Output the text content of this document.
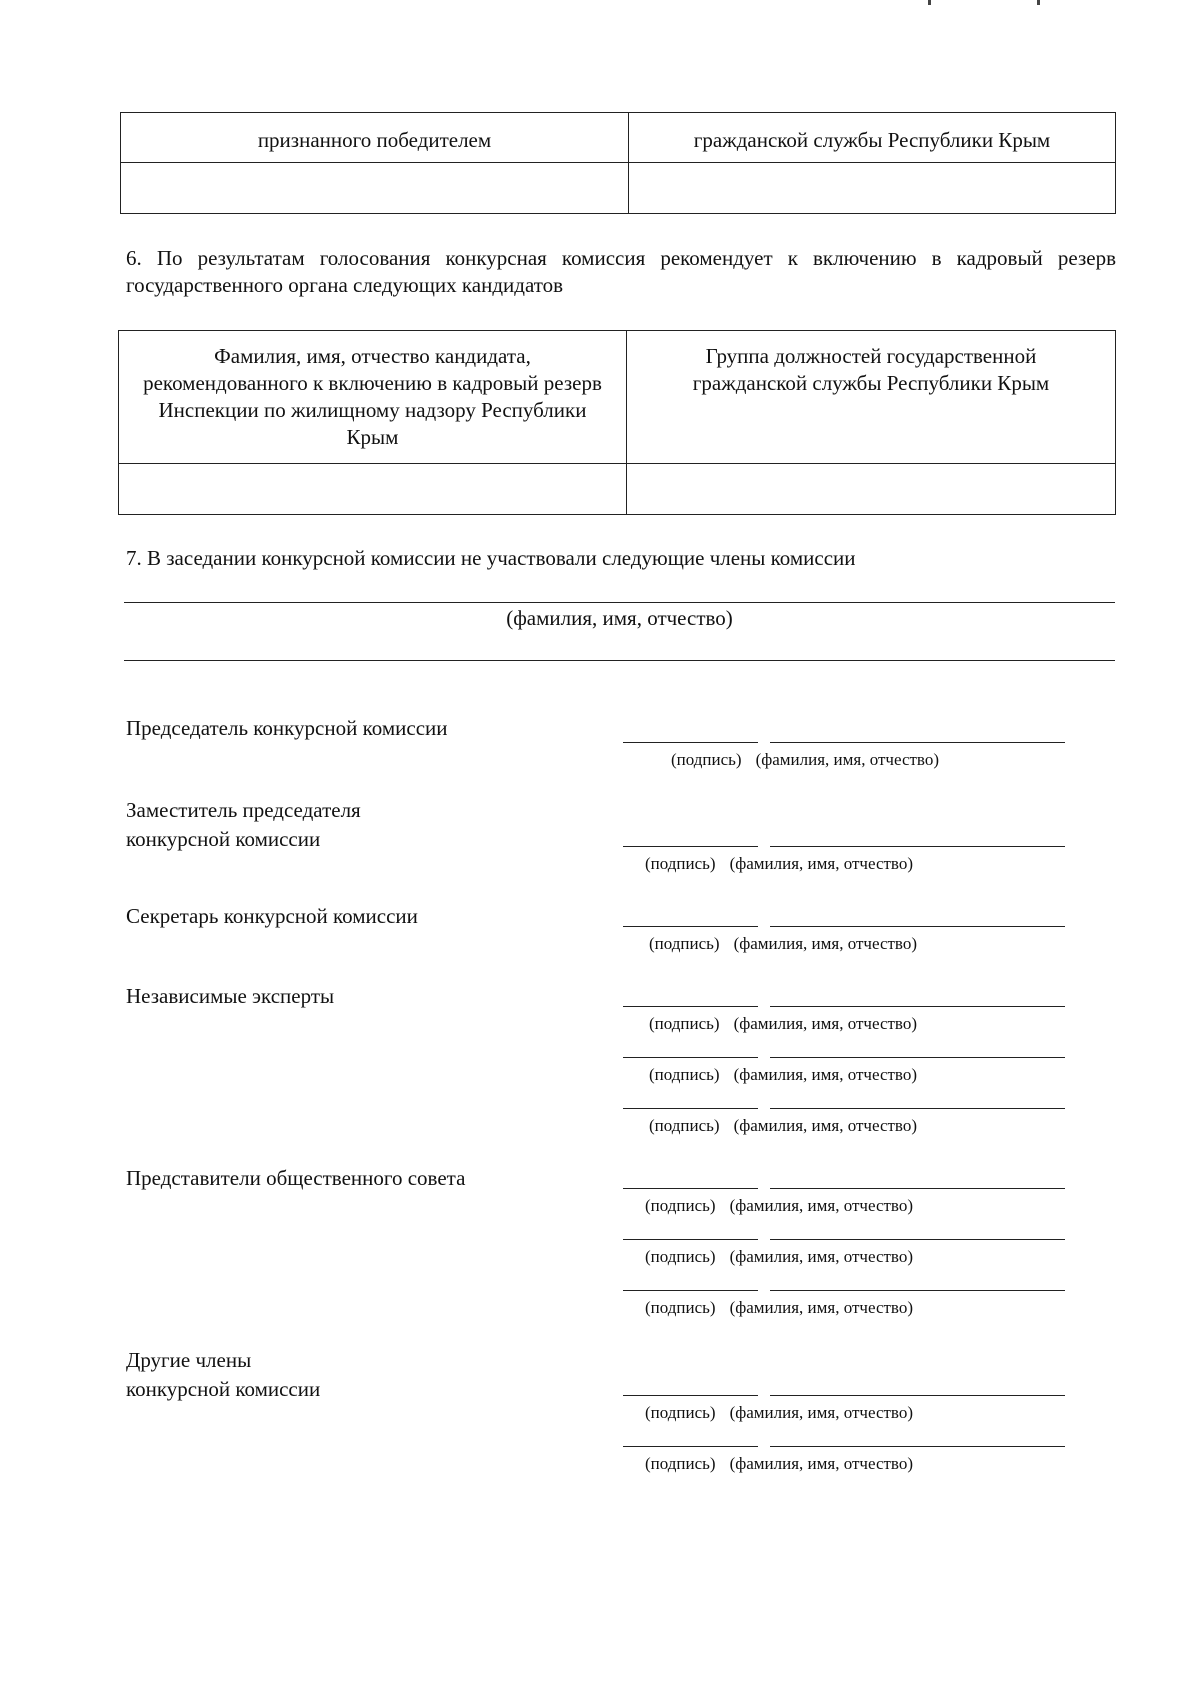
признанного победителем	гражданской службы Республики Крым

6. По результатам голосования конкурсная комиссия рекомендует к включению в кадровый резерв государственного органа следующих кандидатов
Фамилия, имя, отчество кандидата, рекомендованного к включению в кадровый резерв Инспекции по жилищному надзору Республики Крым	Группа должностей государственной гражданской службы Республики Крым

7. В заседании конкурсной комиссии не участвовали следующие члены комиссии
(фамилия, имя, отчество)
Председатель конкурсной комиссии
(подпись) (фамилия, имя, отчество)
Заместитель председателя
конкурсной комиссии
(подпись) (фамилия, имя, отчество)
Секретарь конкурсной комиссии
(подпись) (фамилия, имя, отчество)
Независимые эксперты
(подпись) (фамилия, имя, отчество)
(подпись) (фамилия, имя, отчество)
(подпись) (фамилия, имя, отчество)
Представители общественного совета
(подпись) (фамилия, имя, отчество)
(подпись) (фамилия, имя, отчество)
(подпись) (фамилия, имя, отчество)
Другие члены
конкурсной комиссии
(подпись) (фамилия, имя, отчество)
(подпись) (фамилия, имя, отчество)
